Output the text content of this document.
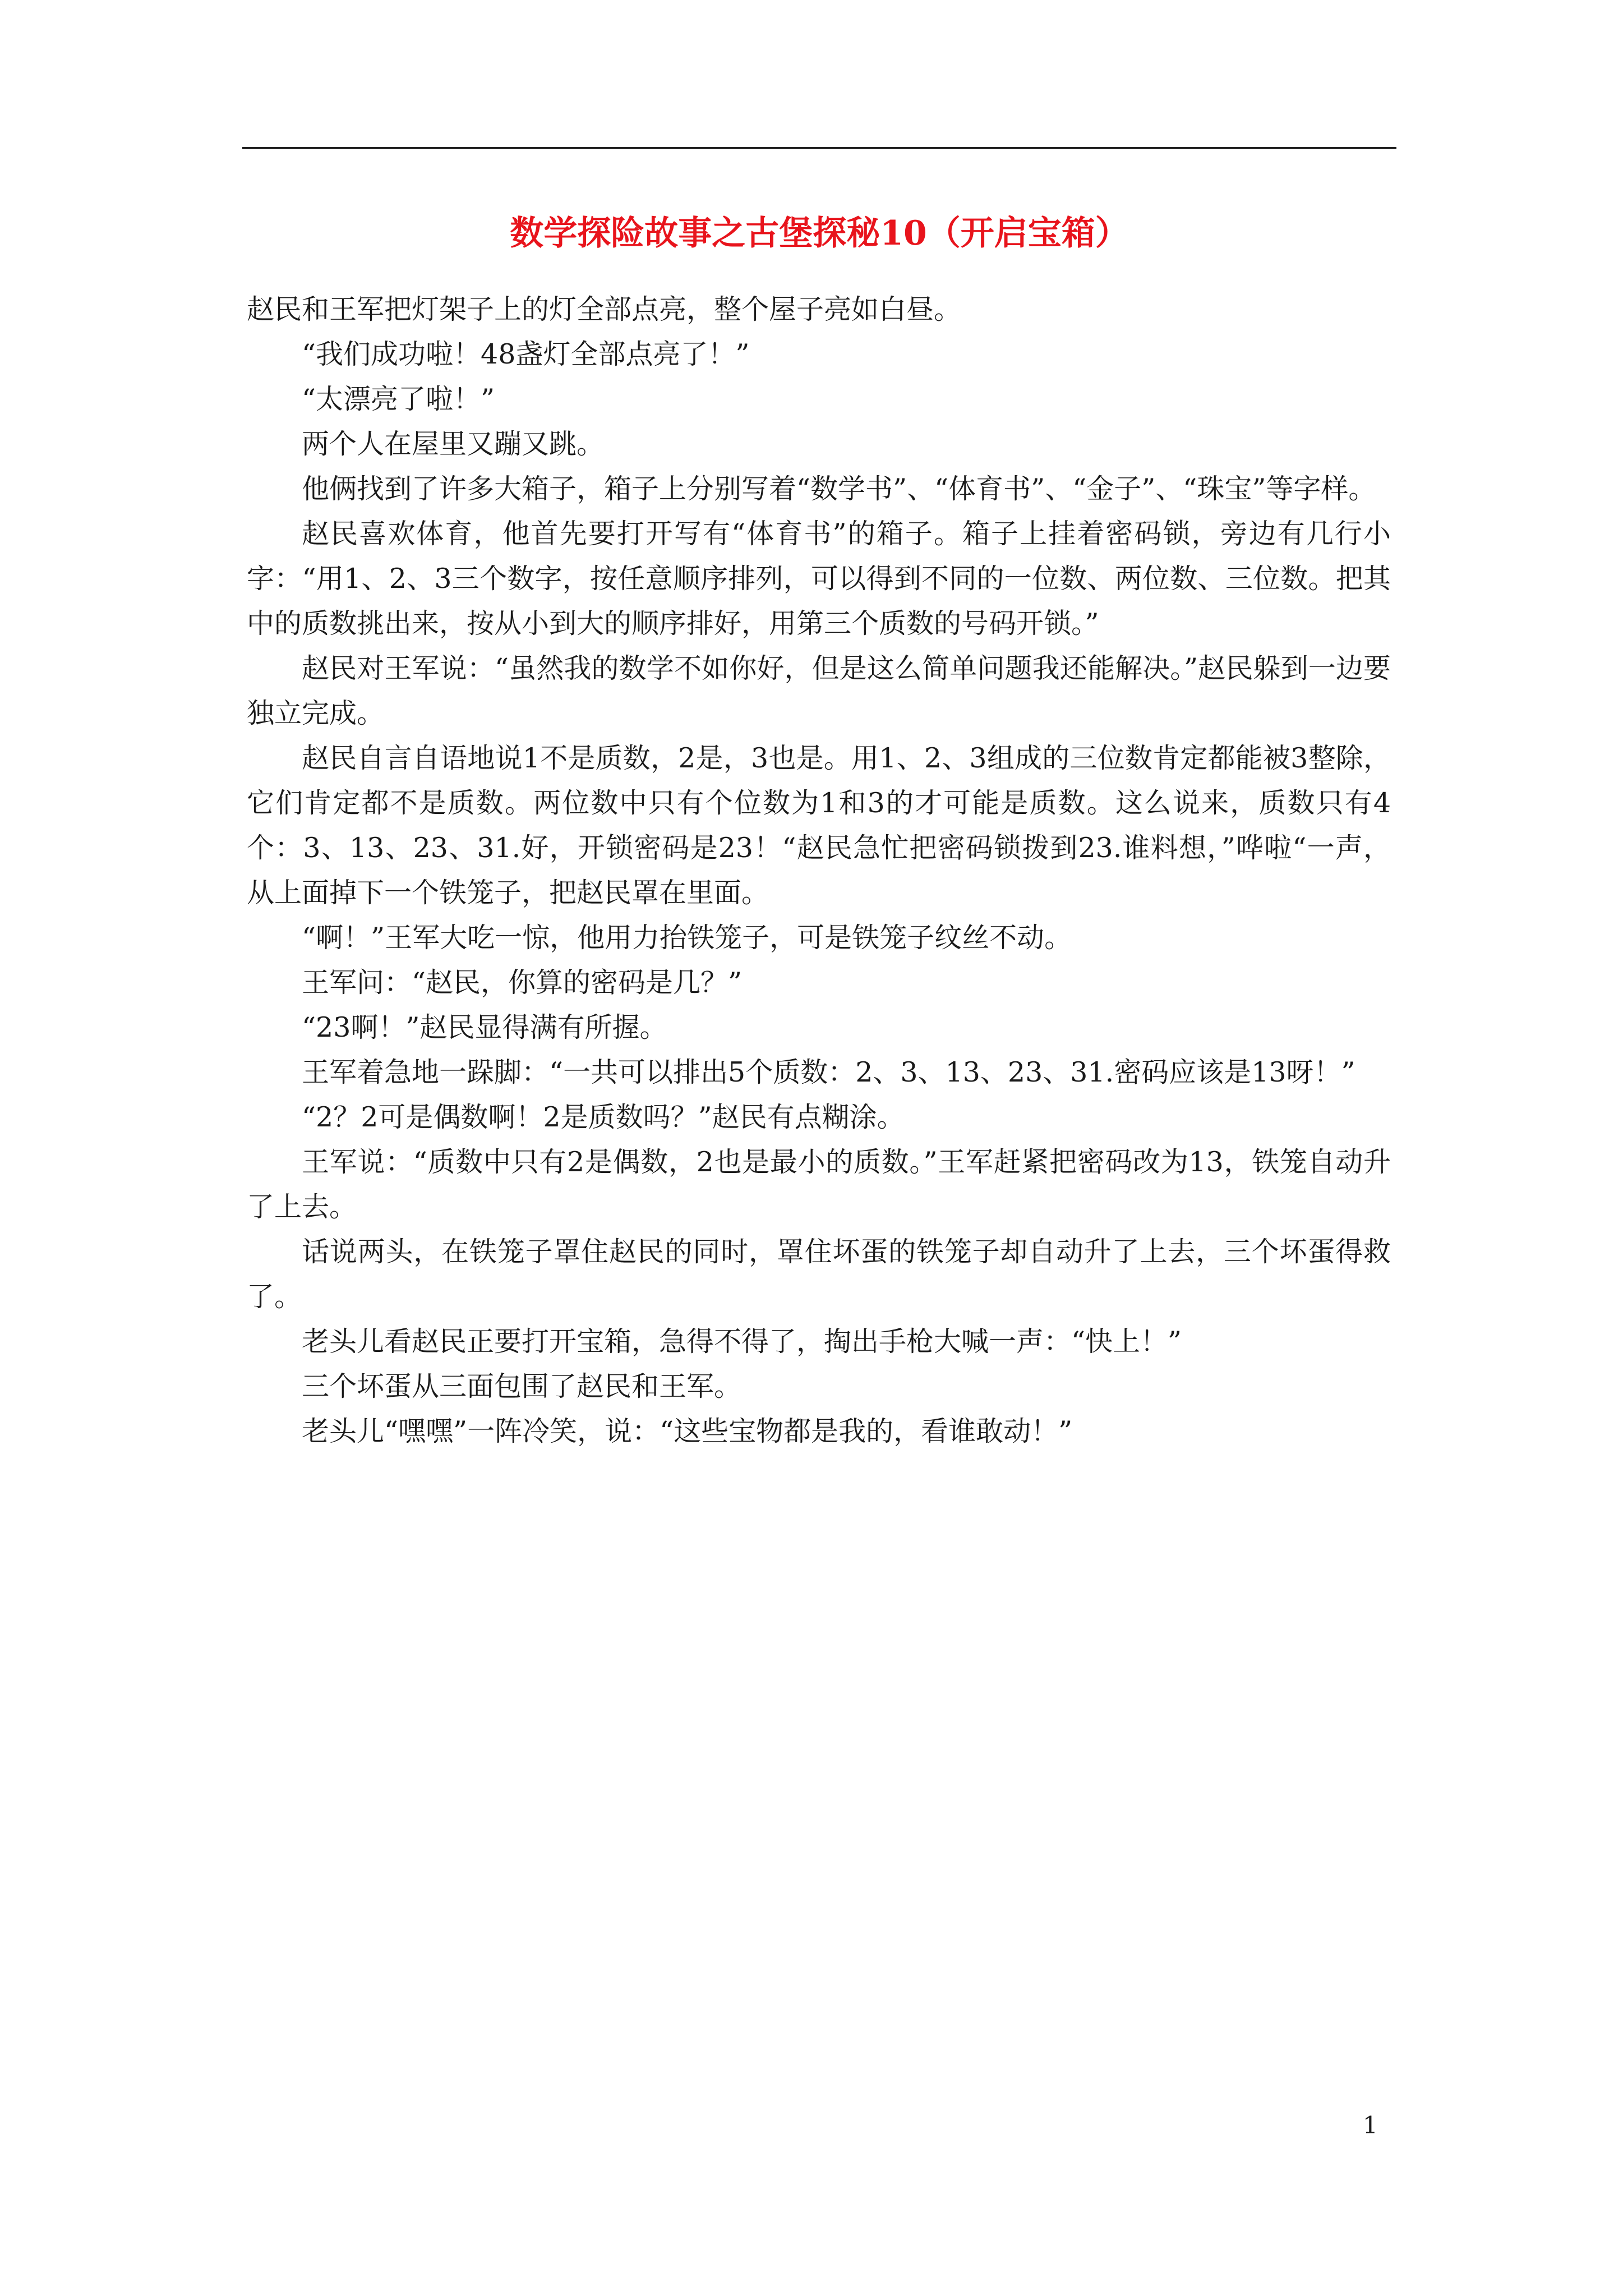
数学探险故事之古堡探秘10（开启宝箱）

赵民和王军把灯架子上的灯全部点亮，整个屋子亮如白昼。

“我们成功啦！48盏灯全部点亮了！”

“太漂亮了啦！”

两个人在屋里又蹦又跳。

他俩找到了许多大箱子，箱子上分别写着“数学书”、“体育书”、“金子”、“珠宝”等字样。

赵民喜欢体育，他首先要打开写有“体育书”的箱子。箱子上挂着密码锁，旁边有几行小字：“用1、2、3三个数字，按任意顺序排列，可以得到不同的一位数、两位数、三位数。把其中的质数挑出来，按从小到大的顺序排好，用第三个质数的号码开锁。”

赵民对王军说：“虽然我的数学不如你好，但是这么简单问题我还能解决。”赵民躲到一边要独立完成。

赵民自言自语地说1不是质数，2是，3也是。用1、2、3组成的三位数肯定都能被3整除，它们肯定都不是质数。两位数中只有个位数为1和3的才可能是质数。这么说来，质数只有4个：3、13、23、31.好，开锁密码是23！“赵民急忙把密码锁拨到23.谁料想，”哗啦“一声，从上面掉下一个铁笼子，把赵民罩在里面。

“啊！”王军大吃一惊，他用力抬铁笼子，可是铁笼子纹丝不动。

王军问：“赵民，你算的密码是几？”

“23啊！”赵民显得满有所握。

王军着急地一跺脚：“一共可以排出5个质数：2、3、13、23、31.密码应该是13呀！”

“2？2可是偶数啊！2是质数吗？”赵民有点糊涂。

王军说：“质数中只有2是偶数，2也是最小的质数。”王军赶紧把密码改为13，铁笼自动升了上去。

话说两头，在铁笼子罩住赵民的同时，罩住坏蛋的铁笼子却自动升了上去，三个坏蛋得救了。

老头儿看赵民正要打开宝箱，急得不得了，掏出手枪大喊一声：“快上！”

三个坏蛋从三面包围了赵民和王军。

老头儿“嘿嘿”一阵冷笑，说：“这些宝物都是我的，看谁敢动！”

1
